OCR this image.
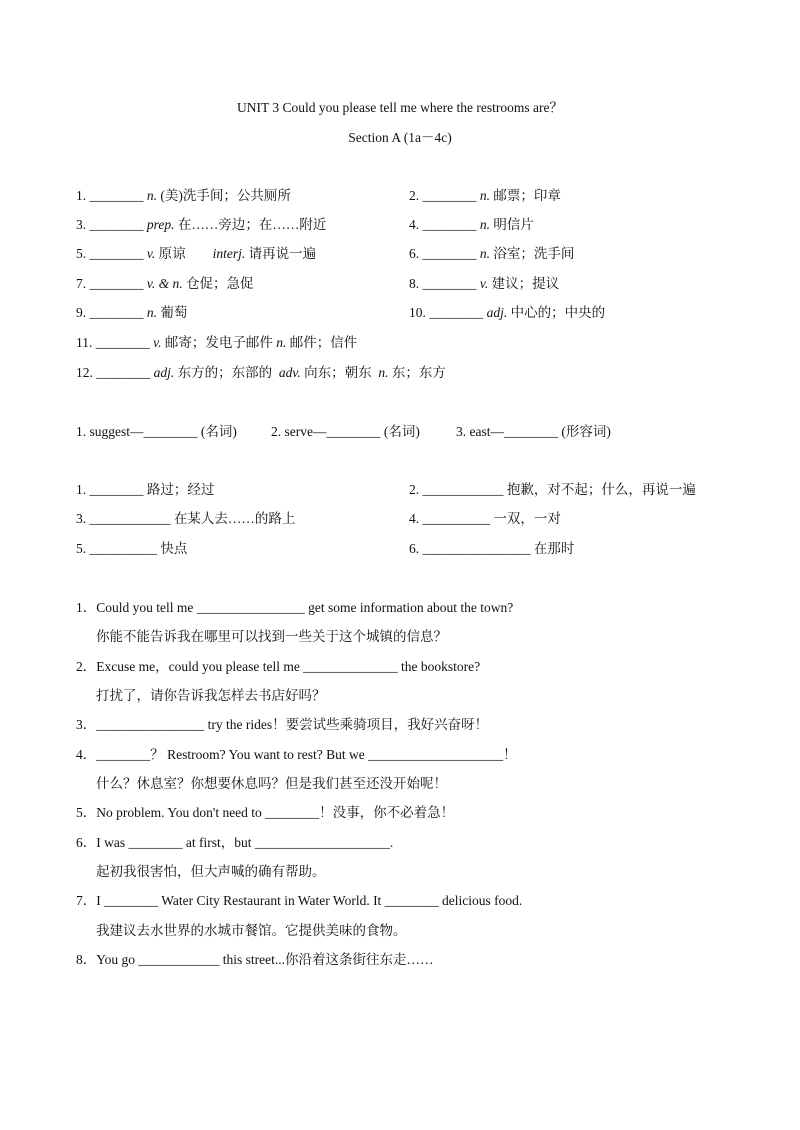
UNIT 3 Could you please tell me where the restrooms are？
Section A (1a－4c)
1. ________ n. (美)洗手间；公共厕所	2. ________ n. 邮票；印章
3. ________ prep. 在……旁边；在……附近	4. ________ n. 明信片
5. ________ v. 原谅        interj. 请再说一遍	6. ________ n. 浴室；洗手间
7. ________ v. & n. 仓促；急促	8. ________ v. 建议；提议
9. ________ n. 葡萄	10. ________ adj. 中心的；中央的
11. ________ v. 邮寄；发电子邮件 n. 邮件；信件
12. ________ adj. 东方的；东部的  adv. 向东；朝东  n. 东；东方
1. suggest—________ (名词)	2. serve—________ (名词)	3. east—________ (形容词)
1. ________ 路过；经过	2. ____________ 抱歉，对不起；什么，再说一遍
3. ____________ 在某人去……的路上	4. __________ 一双，一对
5. __________ 快点	6. ________________ 在那时
1．Could you tell me ________________ get some information about the town?
你能不能告诉我在哪里可以找到一些关于这个城镇的信息？
2．Excuse me，could you please tell me ______________ the bookstore?
打扰了，请你告诉我怎样去书店好吗？
3．________________ try the rides！要尝试些乘骑项目，我好兴奋呀！
4．________？ Restroom? You want to rest? But we ____________________！
什么？休息室？你想要休息吗？但是我们甚至还没开始呢！
5．No problem. You don't need to ________！没事，你不必着急！
6．I was ________ at first，but ____________________.
起初我很害怕，但大声喊的确有帮助。
7．I ________ Water City Restaurant in Water World. It ________ delicious food.
我建议去水世界的水城市餐馆。它提供美味的食物。
8．You go ____________ this street...你沿着这条街往东走……
